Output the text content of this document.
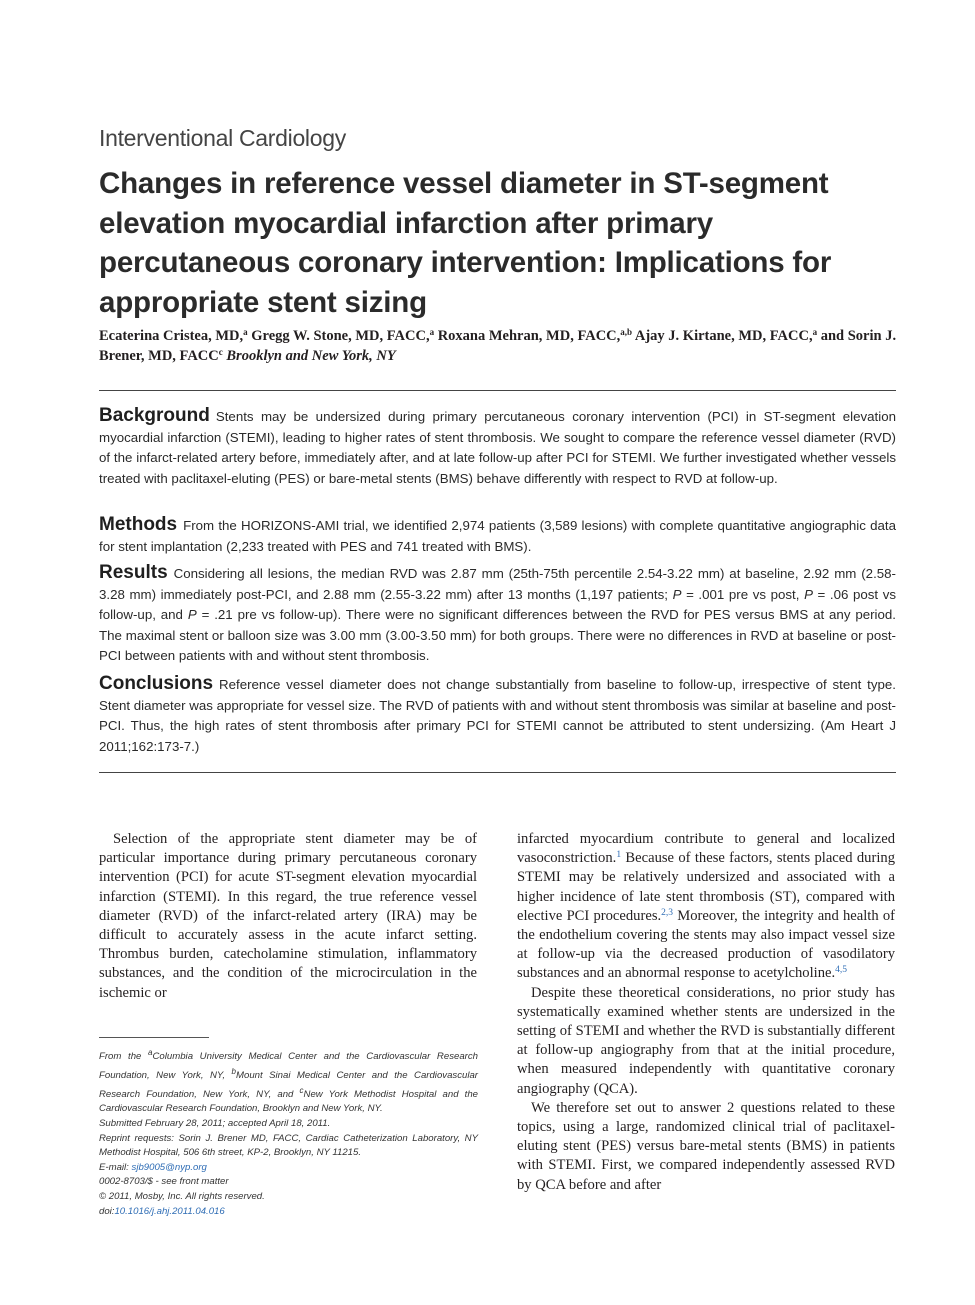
Interventional Cardiology
Changes in reference vessel diameter in ST-segment
elevation myocardial infarction after primary
percutaneous coronary intervention: Implications for
appropriate stent sizing
Ecaterina Cristea, MD,$^a$ Gregg W. Stone, MD, FACC,$^a$ Roxana Mehran, MD, FACC,$^{a,b}$ Ajay J. Kirtane, MD, FACC,$^a$ and Sorin J. Brener, MD, FACC$^c$ Brooklyn and New York, NY
Background Stents may be undersized during primary percutaneous coronary intervention (PCI) in ST-segment elevation myocardial infarction (STEMI), leading to higher rates of stent thrombosis. We sought to compare the reference vessel diameter (RVD) of the infarct-related artery before, immediately after, and at late follow-up after PCI for STEMI. We further investigated whether vessels treated with paclitaxel-eluting (PES) or bare-metal stents (BMS) behave differently with respect to RVD at follow-up.
Methods From the HORIZONS-AMI trial, we identified 2,974 patients (3,589 lesions) with complete quantitative angiographic data for stent implantation (2,233 treated with PES and 741 treated with BMS).
Results Considering all lesions, the median RVD was 2.87 mm (25th-75th percentile 2.54-3.22 mm) at baseline, 2.92 mm (2.58-3.28 mm) immediately post-PCI, and 2.88 mm (2.55-3.22 mm) after 13 months (1,197 patients; P = .001 pre vs post, P = .06 post vs follow-up, and P = .21 pre vs follow-up). There were no significant differences between the RVD for PES versus BMS at any period. The maximal stent or balloon size was 3.00 mm (3.00-3.50 mm) for both groups. There were no differences in RVD at baseline or post-PCI between patients with and without stent thrombosis.
Conclusions Reference vessel diameter does not change substantially from baseline to follow-up, irrespective of stent type. Stent diameter was appropriate for vessel size. The RVD of patients with and without stent thrombosis was similar at baseline and post-PCI. Thus, the high rates of stent thrombosis after primary PCI for STEMI cannot be attributed to stent undersizing. (Am Heart J 2011;162:173-7.)

Selection of the appropriate stent diameter may be of particular importance during primary percutaneous coronary intervention (PCI) for acute ST-segment elevation myocardial infarction (STEMI). In this regard, the true reference vessel diameter (RVD) of the infarct-related artery (IRA) may be difficult to accurately assess in the acute infarct setting. Thrombus burden, catecholamine stimulation, inflammatory substances, and the condition of the microcirculation in the ischemic or

infarcted myocardium contribute to general and localized vasoconstriction.$^1$ Because of these factors, stents placed during STEMI may be relatively undersized and associated with a higher incidence of late stent thrombosis (ST), compared with elective PCI procedures.$^{2,3}$ Moreover, the integrity and health of the endothelium covering the stents may also impact vessel size at follow-up via the decreased production of vasodilatory substances and an abnormal response to acetylcholine.$^{4,5}$

Despite these theoretical considerations, no prior study has systematically examined whether stents are undersized in the setting of STEMI and whether the RVD is substantially different at follow-up angiography from that at the initial procedure, when measured independently with quantitative coronary angiography (QCA).

We therefore set out to answer 2 questions related to these topics, using a large, randomized clinical trial of paclitaxel-eluting stent (PES) versus bare-metal stents (BMS) in patients with STEMI. First, we compared independently assessed RVD by QCA before and after

From the $^a$Columbia University Medical Center and the Cardiovascular Research Foundation, New York, NY, $^b$Mount Sinai Medical Center and the Cardiovascular Research Foundation, New York, NY, and $^c$New York Methodist Hospital and the Cardiovascular Research Foundation, Brooklyn and New York, NY.
Submitted February 28, 2011; accepted April 18, 2011.
Reprint requests: Sorin J. Brener MD, FACC, Cardiac Catheterization Laboratory, NY Methodist Hospital, 506 6th street, KP-2, Brooklyn, NY 11215.
E-mail: sjb9005@nyp.org
0002-8703/$ - see front matter
© 2011, Mosby, Inc. All rights reserved.
doi:10.1016/j.ahj.2011.04.016
